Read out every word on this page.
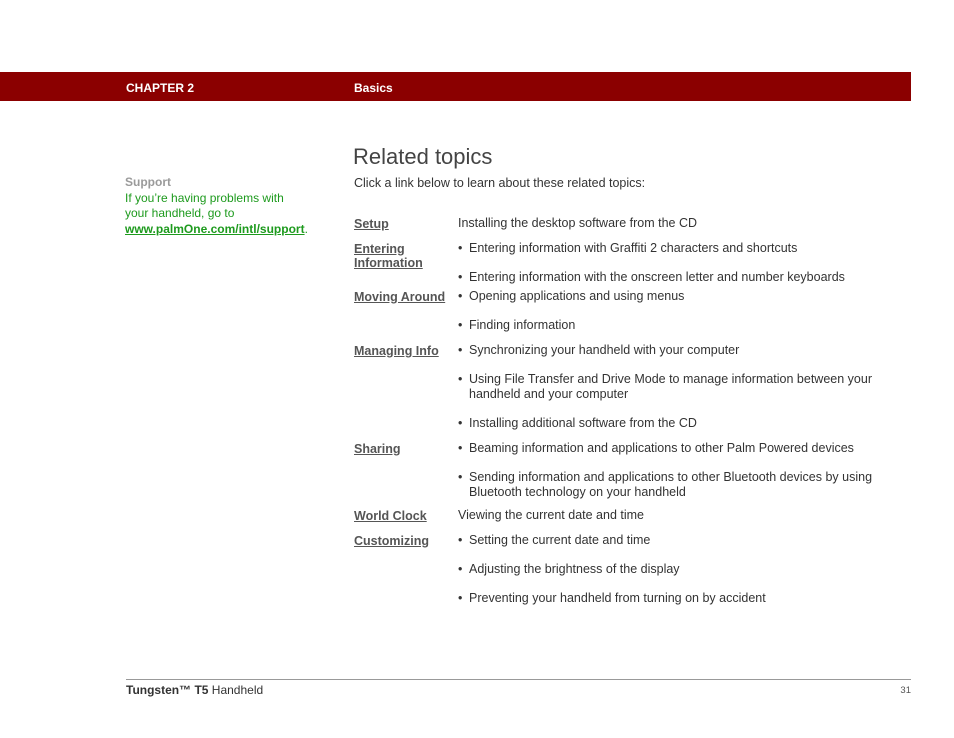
CHAPTER 2	Basics
Support
If you’re having problems with your handheld, go to www.palmOne.com/intl/support.
Related topics
Click a link below to learn about these related topics:
Setup	Installing the desktop software from the CD
Entering Information
• Entering information with Graffiti 2 characters and shortcuts
• Entering information with the onscreen letter and number keyboards
Moving Around	• Opening applications and using menus
• Finding information
Managing Info	• Synchronizing your handheld with your computer
• Using File Transfer and Drive Mode to manage information between your handheld and your computer
• Installing additional software from the CD
Sharing	• Beaming information and applications to other Palm Powered devices
• Sending information and applications to other Bluetooth devices by using Bluetooth technology on your handheld
World Clock	Viewing the current date and time
Customizing	• Setting the current date and time
• Adjusting the brightness of the display
• Preventing your handheld from turning on by accident
Tungsten™ T5 Handheld	31
